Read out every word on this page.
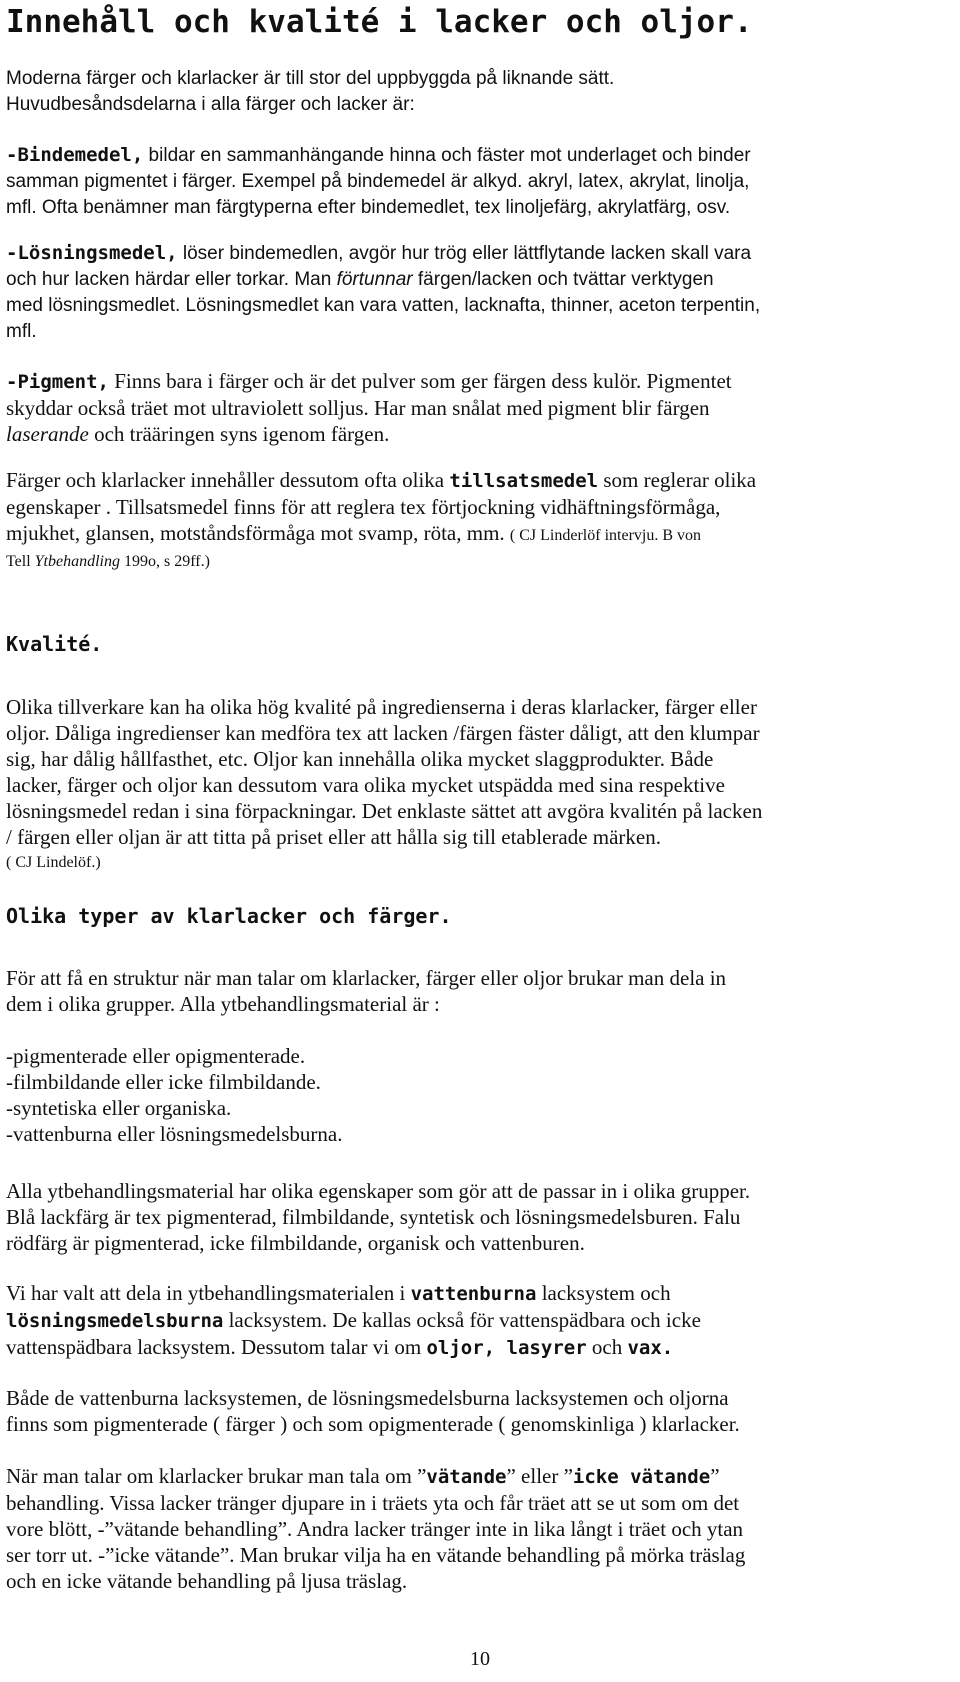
Innehåll och kvalité i lacker och oljor.
Moderna färger och klarlacker är till stor del uppbyggda på liknande sätt.
Huvudbesåndsdelarna i alla färger och lacker är:
-Bindemedel, bildar en sammanhängande hinna och fäster mot underlaget och binder
samman pigmentet i färger. Exempel på bindemedel är alkyd. akryl, latex, akrylat, linolja,
mfl. Ofta benämner man färgtyperna efter bindemedlet, tex linoljefärg, akrylatfärg, osv.
-Lösningsmedel, löser bindemedlen, avgör hur trög eller lättflytande lacken skall vara
och hur lacken härdar eller torkar. Man förtunnar färgen/lacken och tvättar verktygen
med lösningsmedlet. Lösningsmedlet kan vara vatten, lacknafta, thinner, aceton terpentin,
mfl.
-Pigment, Finns bara i färger och är det pulver som ger färgen dess kulör. Pigmentet
skyddar också träet mot ultraviolett solljus. Har man snålat med pigment blir färgen
laserande och trääringen syns igenom färgen.
Färger och klarlacker innehåller dessutom ofta olika tillsatsmedel som reglerar olika
egenskaper . Tillsatsmedel finns för att reglera tex förtjockning vidhäftningsförmåga,
mjukhet, glansen, motståndsförmåga mot svamp, röta, mm. ( CJ Linderlöf intervju. B von
Tell Ytbehandling 199o, s 29ff.)
Kvalité.
Olika tillverkare kan ha olika hög kvalité på ingredienserna i deras klarlacker, färger eller
oljor. Dåliga ingredienser kan medföra tex att lacken /färgen fäster dåligt, att den klumpar
sig, har dålig hållfasthet, etc. Oljor kan innehålla olika mycket slaggprodukter. Både
lacker, färger och oljor kan dessutom vara olika mycket utspädda med sina respektive
lösningsmedel redan i sina förpackningar. Det enklaste sättet att avgöra kvalitén på lacken
/ färgen eller oljan är att titta på priset eller att hålla sig till etablerade märken.
( CJ Lindelöf.)
Olika typer av klarlacker och färger.
För att få en struktur när man talar om klarlacker, färger eller oljor brukar man dela in
dem i olika grupper. Alla ytbehandlingsmaterial är :
-pigmenterade eller opigmenterade.
-filmbildande eller icke filmbildande.
-syntetiska eller organiska.
-vattenburna eller lösningsmedelsburna.
Alla ytbehandlingsmaterial har olika egenskaper som gör att de passar in i olika grupper.
Blå lackfärg är tex pigmenterad, filmbildande, syntetisk och lösningsmedelsburen. Falu
rödfärg är pigmenterad, icke filmbildande, organisk och vattenburen.
Vi har valt att dela in ytbehandlingsmaterialen i vattenburna lacksystem och
lösningsmedelsburna lacksystem. De kallas också för vattenspädbara och icke
vattenspädbara lacksystem. Dessutom talar vi om oljor, lasyrer och vax.
Både de vattenburna lacksystemen, de lösningsmedelsburna lacksystemen och oljorna
finns som pigmenterade ( färger ) och som opigmenterade ( genomskinliga ) klarlacker.
När man talar om klarlacker brukar man tala om ”vätande” eller ”icke vätande”
behandling. Vissa lacker tränger djupare in i träets yta och får träet att se ut som om det
vore blött, -”vätande behandling”. Andra lacker tränger inte in lika långt i träet och ytan
ser torr ut. -”icke vätande”. Man brukar vilja ha en vätande behandling på mörka träslag
och en icke vätande behandling på ljusa träslag.
10
